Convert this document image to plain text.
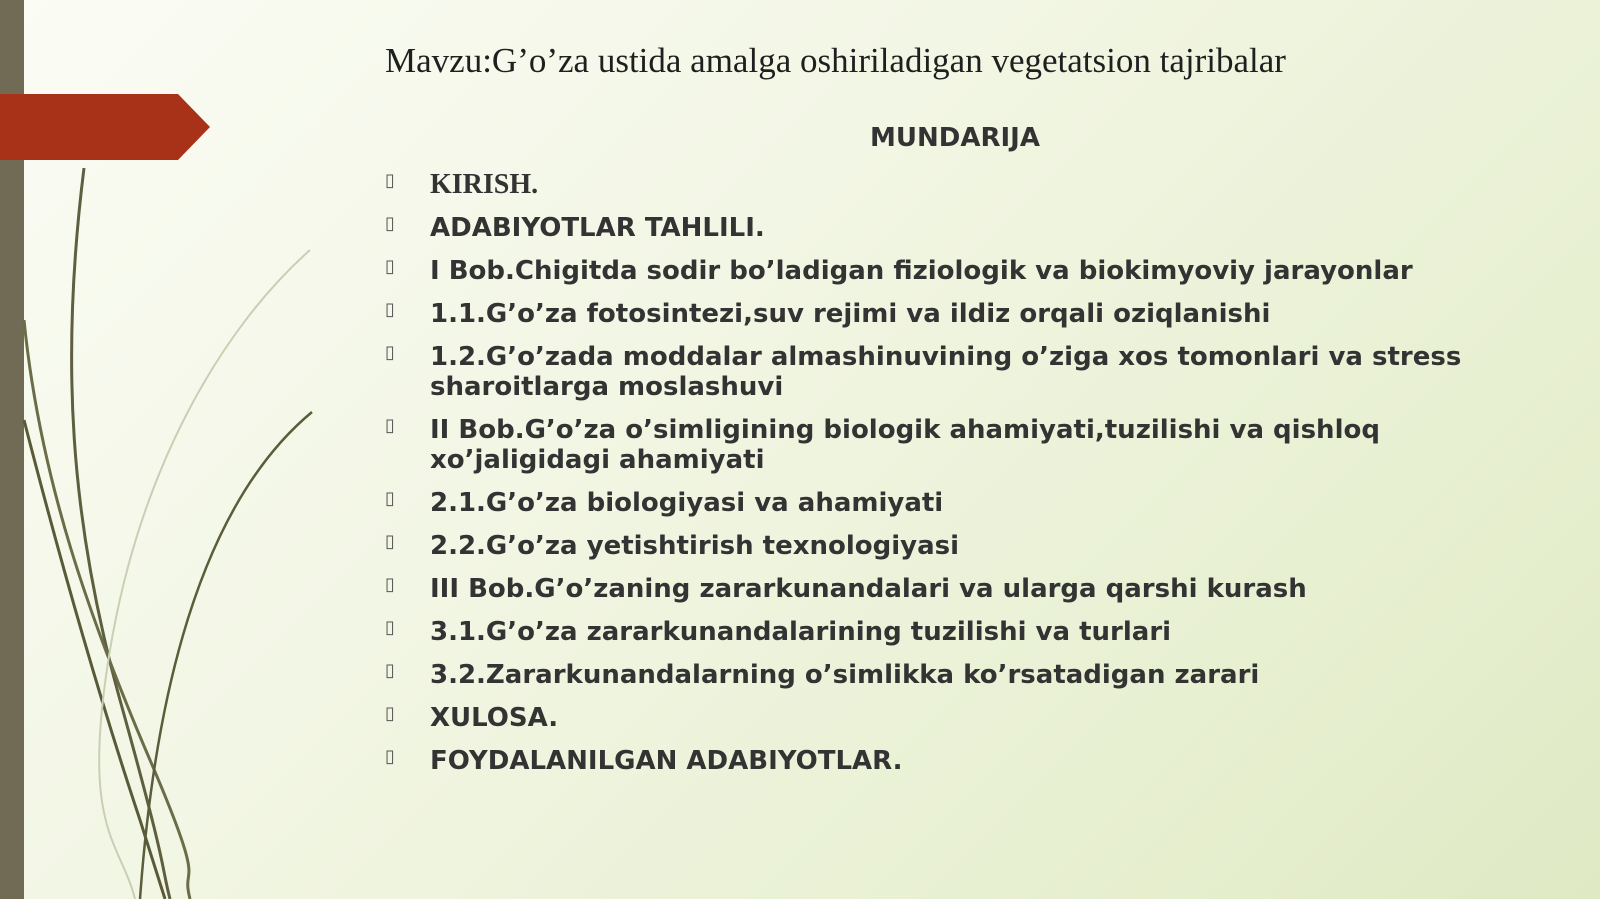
Mavzu:G’o’za ustida amalga oshiriladigan vegetatsion tajribalar
MUNDARIJA
▯	KIRISH.
▯	ADABIYOTLAR TAHLILI.
▯	I Bob.Chigitda sodir bo’ladigan fiziologik va biokimyoviy jarayonlar
▯	1.1.G’o’za fotosintezi,suv rejimi va ildiz orqali oziqlanishi
▯	1.2.G’o’zada moddalar almashinuvining o’ziga xos tomonlari va stress sharoitlarga moslashuvi
▯	II Bob.G’o’za o’simligining biologik ahamiyati,tuzilishi va qishloq xo’jaligidagi ahamiyati
▯	2.1.G’o’za biologiyasi va ahamiyati
▯	2.2.G’o’za yetishtirish texnologiyasi
▯	III Bob.G’o’zaning zararkunandalari va ularga qarshi kurash
▯	3.1.G’o’za zararkunandalarining tuzilishi va turlari
▯	3.2.Zararkunandalarning o’simlikka ko’rsatadigan zarari
▯	XULOSA.
▯	FOYDALANILGAN ADABIYOTLAR.
